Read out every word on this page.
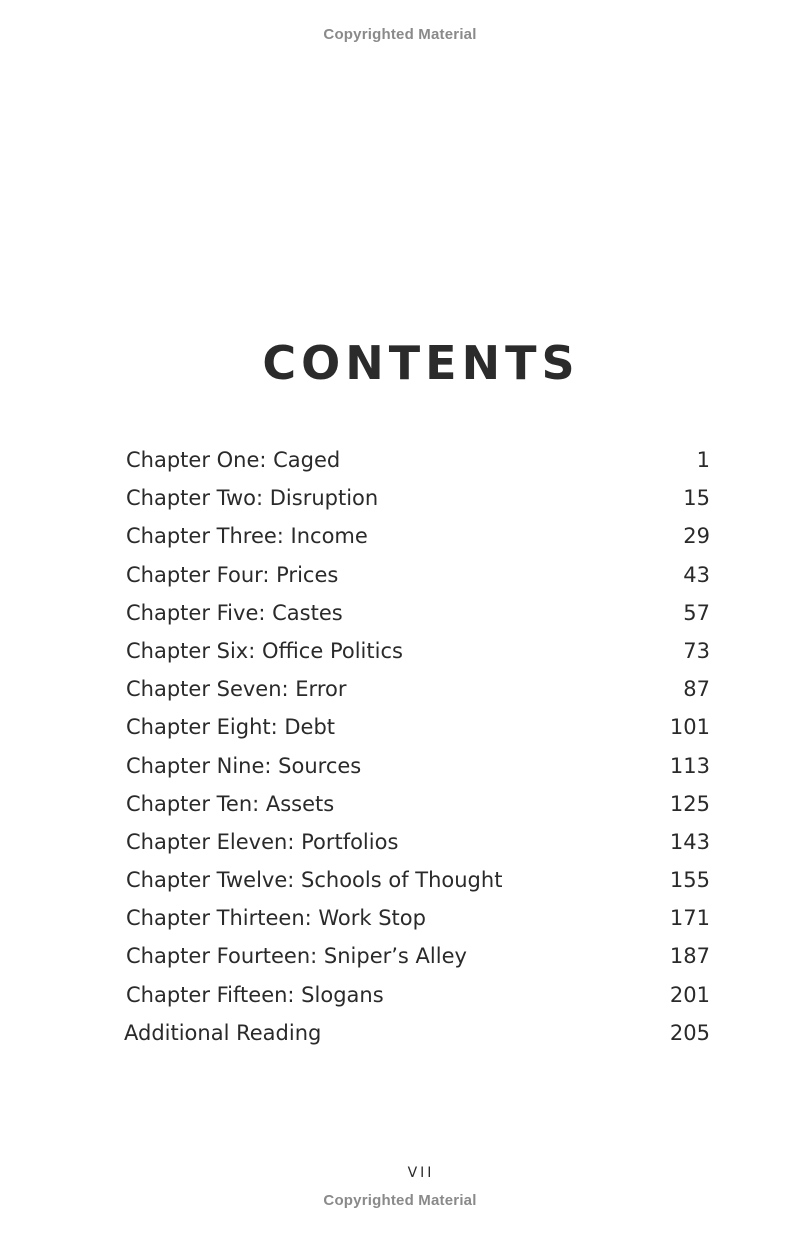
Copyrighted Material
CONTENTS
Chapter One: Caged	1
Chapter Two: Disruption	15
Chapter Three: Income	29
Chapter Four: Prices	43
Chapter Five: Castes	57
Chapter Six: Office Politics	73
Chapter Seven: Error	87
Chapter Eight: Debt	101
Chapter Nine: Sources	113
Chapter Ten: Assets	125
Chapter Eleven: Portfolios	143
Chapter Twelve: Schools of Thought	155
Chapter Thirteen: Work Stop	171
Chapter Fourteen: Sniper’s Alley	187
Chapter Fifteen: Slogans	201
Additional Reading	205
VII
Copyrighted Material
